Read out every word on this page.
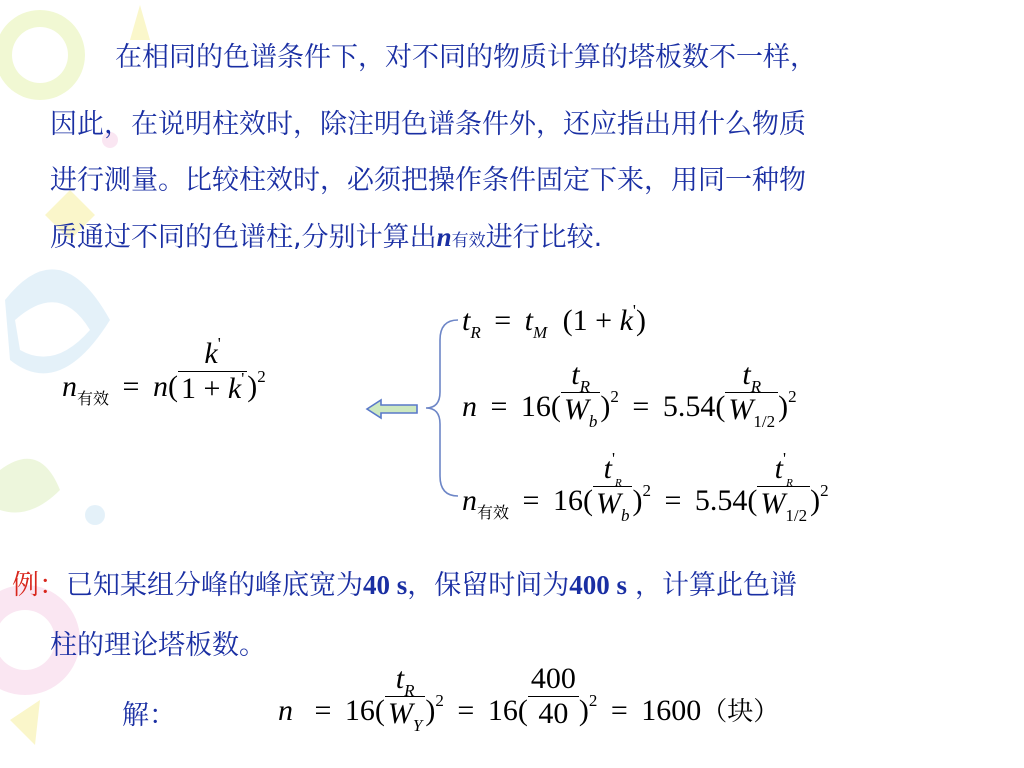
在相同的色谱条件下，对不同的物质计算的塔板数不一样，
因此，在说明柱效时，除注明色谱条件外，还应指出用什么物质
进行测量。比较柱效时，必须把操作条件固定下来，用同一种物
质通过不同的色谱柱,分别计算出n有效进行比较.
$n_{有效} = n( \frac{k'}{1 + k'} )^2$
$t_R = t_M$ (1 + k')
$n = 16( \frac{t_R}{W_b} )^2 = 5.54( \frac{t_R}{W_{1/2}} )^2$
$n_{有效} = 16( \frac{t'_R}{W_b} )^2 = 5.54( \frac{t'_R}{W_{1/2}} )^2$
例：已知某组分峰的峰底宽为40 s，保留时间为400 s ，计算此色谱
柱的理论塔板数。
解：	$n = 16( \frac{t_R}{W_Y} )^2 = 16( \frac{400}{40} )^2 = 1600$（块）
